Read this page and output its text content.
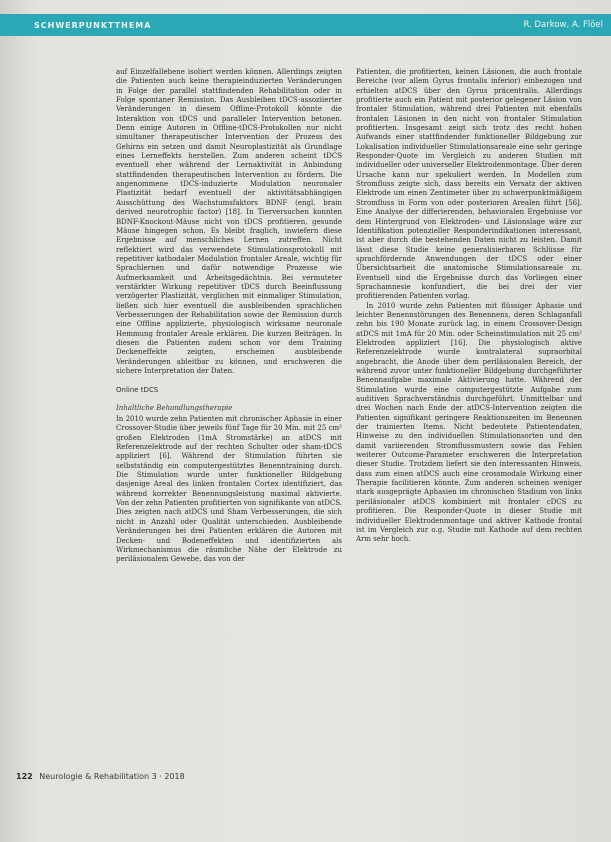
SCHWERPUNKTTHEMA	R. Darkow, A. Flöel

auf Einzelfallebene isoliert werden können. Allerdings zeigten die Patienten auch keine therapieinduzierten Veränderungen in Folge der parallel stattfindenden Rehabilitation oder in Folge spontaner Remission. Das Ausbleiben tDCS-assoziierter Veränderungen in diesem Offline-Protokoll könnte die Interaktion von tDCS und paralleler Intervention betonen. Denn einige Autoren in Offline-tDCS-Protokollen nur nicht simultaner therapeutischer Intervention der Prozess des Gehirns ein setzen und damit Neuroplastizität als Grundlage eines Lerneffekts herstellen. Zum anderen scheint tDCS eventuell eher während der Lernaktivität in Anbindung stattfindenden therapeutischen Intervention zu fördern. Die angenommene tDCS-induzierte Modulation neuronaler Plastizität bedarf eventuell der aktivitätsabhängigen Ausschüttung des Wachstumsfaktors BDNF (engl. brain derived neurotrophic factor) [18]. In Tierversuchen konnten BDNF-Knockout-Mäuse nicht von tDCS profitieren, gesunde Mäuse hingegen schon. Es bleibt fraglich, inwiefern diese Ergebnisse auf menschliches Lernen zutreffen. Nicht reflektiert wird das verwendete Stimulationsprotokoll mit repetitiver kathodaler Modulation frontaler Areale, wichtig für Sprachlernen und dafür notwendige Prozesse wie Aufmerksamkeit und Arbeitsgedächtnis. Bei vermuteter verstärkter Wirkung repetitiver tDCS durch Beeinflussung verzögerter Plastizität, verglichen mit einmaliger Stimulation, ließen sich hier eventuell die ausbleibenden sprachlichen Verbesserungen der Rehabilitation sowie der Remission durch eine Offline applizierte, physiologisch wirksame neuronale Hemmung frontaler Areale erklären. Die kurzen Beiträgen. In diesen die Patienten zudem schon vor dem Training Deckeneffekte zeigten, erscheinen ausbleibende Veränderungen ableitbar zu können, und erschweren die sichere Interpretation der Daten.

Online tDCS
Inhaltliche Behandlungstherapie

In 2010 wurde zehn Patienten mit chronischer Aphasie in einer Crossover-Studie über jeweils fünf Tage für 20 Min. mit 25 cm² großen Elektroden (1mA Stromstärke) an atDCS mit Referenzelektrode auf der rechten Schulter oder sham-tDCS appliziert [6]. Während der Stimulation führten sie selbstständig ein computergestütztes Benenntraining durch. Die Stimulation wurde unter funktioneller Bildgebung dasjenige Areal des linken frontalen Cortex identifiziert, das während korrekter Benennungsleistung maximal aktivierte. Von der zehn Patienten profitierten von signifikante von atDCS. Dies zeigten nach atDCS und Sham Verbesserungen, die sich nicht in Anzahl oder Qualität unterschieden. Ausbleibende Veränderungen bei drei Patienten erklären die Autoren mit Decken- und Bodeneffekten und identifizierten als Wirkmechanismus die räumliche Nähe der Elektrode zu periläsionalem Gewebe, das von der

Patienten, die profitierten, keinen Läsionen, die auch frontale Bereiche (vor allem Gyrus frontalis inferior) einbezogen und erhielten atDCS über den Gyrus präcentralis. Allerdings profitierte auch ein Patient mit posterior gelegener Läsion von frontaler Stimulation, während drei Patienten mit ebenfalls frontalen Läsionen in den nicht von frontaler Stimulation profitierten. Insgesamt zeigt sich trotz des recht hohen Aufwands einer stattfindender funktioneller Bildgebung zur Lokalisation individueller Stimulationsareale eine sehr geringe Responder-Quote im Vergleich zu anderen Studien mit individueller oder universeller Elektrodenmontage. Über deren Ursache kann nur spekuliert werden. In Modellen zum Stromfluss zeigte sich, dass bereits ein Versatz der aktiven Elektrode um einen Zentimeter über zu schwerpunktmäßigem Stromfluss in Form von oder posterioren Arealen führt [56]. Eine Analyse der differierenden, behavioralen Ergebnisse vor dem Hintergrund von Elektroden- und Läsionslage wäre zur Identifikation potenzieller Responderindikationen interessant, ist aber durch die bestehenden Daten nicht zu leisten. Damit lässt diese Studie keine generalisierbaren Schlüsse für sprachfördernde Anwendungen der tDCS oder einer Übersichtsarbeit die anatomische Stimulationsareale zu. Eventuell sind die Ergebnisse durch das Vorliegen einer Sprachamnesie konfundiert, die bei drei der vier profitierenden Patienten vorlag.

In 2010 wurde zehn Patienten mit flüssiger Aphasie und leichter Benennstörungen des Benennens, deren Schlaganfall zehn bis 190 Monate zurück lag, in einem Crossover-Design atDCS mit 1mA für 20 Min. oder Scheinstimulation mit 25 cm² Elektroden appliziert [16]. Die physiologisch aktive Referenzelektrode wurde kontralateral supraorbital angebracht, die Anode über dem periläsionalen Bereich, der während zuvor unter funktioneller Bildgebung durchgeführter Benennaufgabe maximale Aktivierung hatte. Während der Stimulation wurde eine computergestützte Aufgabe zum auditiven Sprachverständnis durchgeführt. Unmittelbar und drei Wochen nach Ende der atDCS-Intervention zeigten die Patienten signifikant geringere Reaktionszeiten im Benennen der trainierten Items. Nicht bedeutete Patientendaten, Hinweise zu den individuellen Stimulationsorten und den damit variierenden Stromflussmustern sowie das Fehlen weiterer Outcome-Parameter erschweren die Interpretation dieser Studie. Trotzdem liefert sie den interessanten Hinweis, dass zum einen atDCS auch eine crossmodale Wirkung einer Therapie facilitieren könnte. Zum anderen scheinen weniger stark ausgeprägte Aphasien im chronischen Stadium von links periläsionaler atDCS kombiniert mit frontaler cDCS zu profitieren. Die Responder-Quote in dieser Studie mit individueller Elektrodenmontage und aktiver Kathode frontal ist im Vergleich zur o.g. Studie mit Kathode auf dem rechten Arm sehr hoch.

122 Neurologie & Rehabilitation 3 · 2018
